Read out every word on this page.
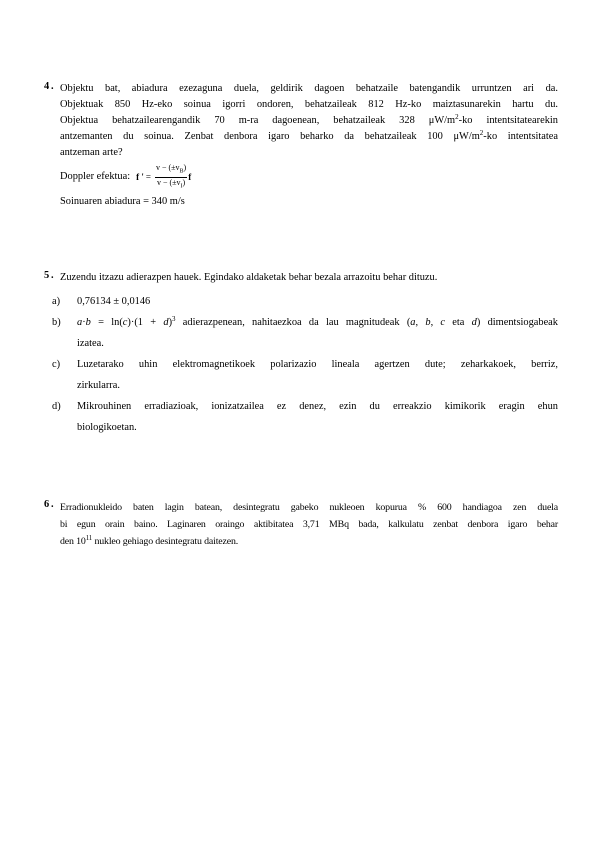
4 . Objektu bat, abiadura ezezaguna duela, geldirik dagoen behatzaile batengandik urruntzen ari da.
Objektuak 850 Hz-eko soinua igorri ondoren, behatzaileak 812 Hz-ko maiztasunarekin hartu du.
Objektua behatzailearengandik 70 m-ra dagoenean, behatzaileak 328 $\mu W/m^2-ko$ intentsitatearekin
antzemanten du soinua. Zenbat denbora igaro beharko da behatzaileak 100 $\mu W/m^2-ko$ intentsitatea
antzeman arte?
Doppler efektua: f ' = $\frac{v - (\pm v_B)}{v - (\pm v_I)}$ f
Soinuaren abiadura = 340 m/s
5 . Zuzendu itzazu adierazpen hauek. Egindako aldaketak behar bezala arrazoitu behar dituzu.
a) 0,76134 ± 0,0146
b) $a\cdot b = \ln(c)\cdot(1 + d)^3$ adierazpenean, nahitaezkoa da lau magnitudeak (a, b, c eta d) dimentsiogabeak
izatea.
c) Luzetarako uhin elektromagnetikoek polarizazio lineala agertzen dute; zeharkakoek, berriz,
zirkularra.
d) Mikrouhinen erradiazioak, ionizatzailea ez denez, ezin du erreakzio kimikorik eragin ehun
biologikoetan.
6 . Erradionukleido baten lagin batean, desintegratu gabeko nukleoen kopurua % 600 handiagoa zen duela
bi egun orain baino. Laginaren oraingo aktibitatea 3,71 MBq bada, kalkulatu zenbat denbora igaro behar
den $10^{11}$ nukleo gehiago desintegratu daitezen.
